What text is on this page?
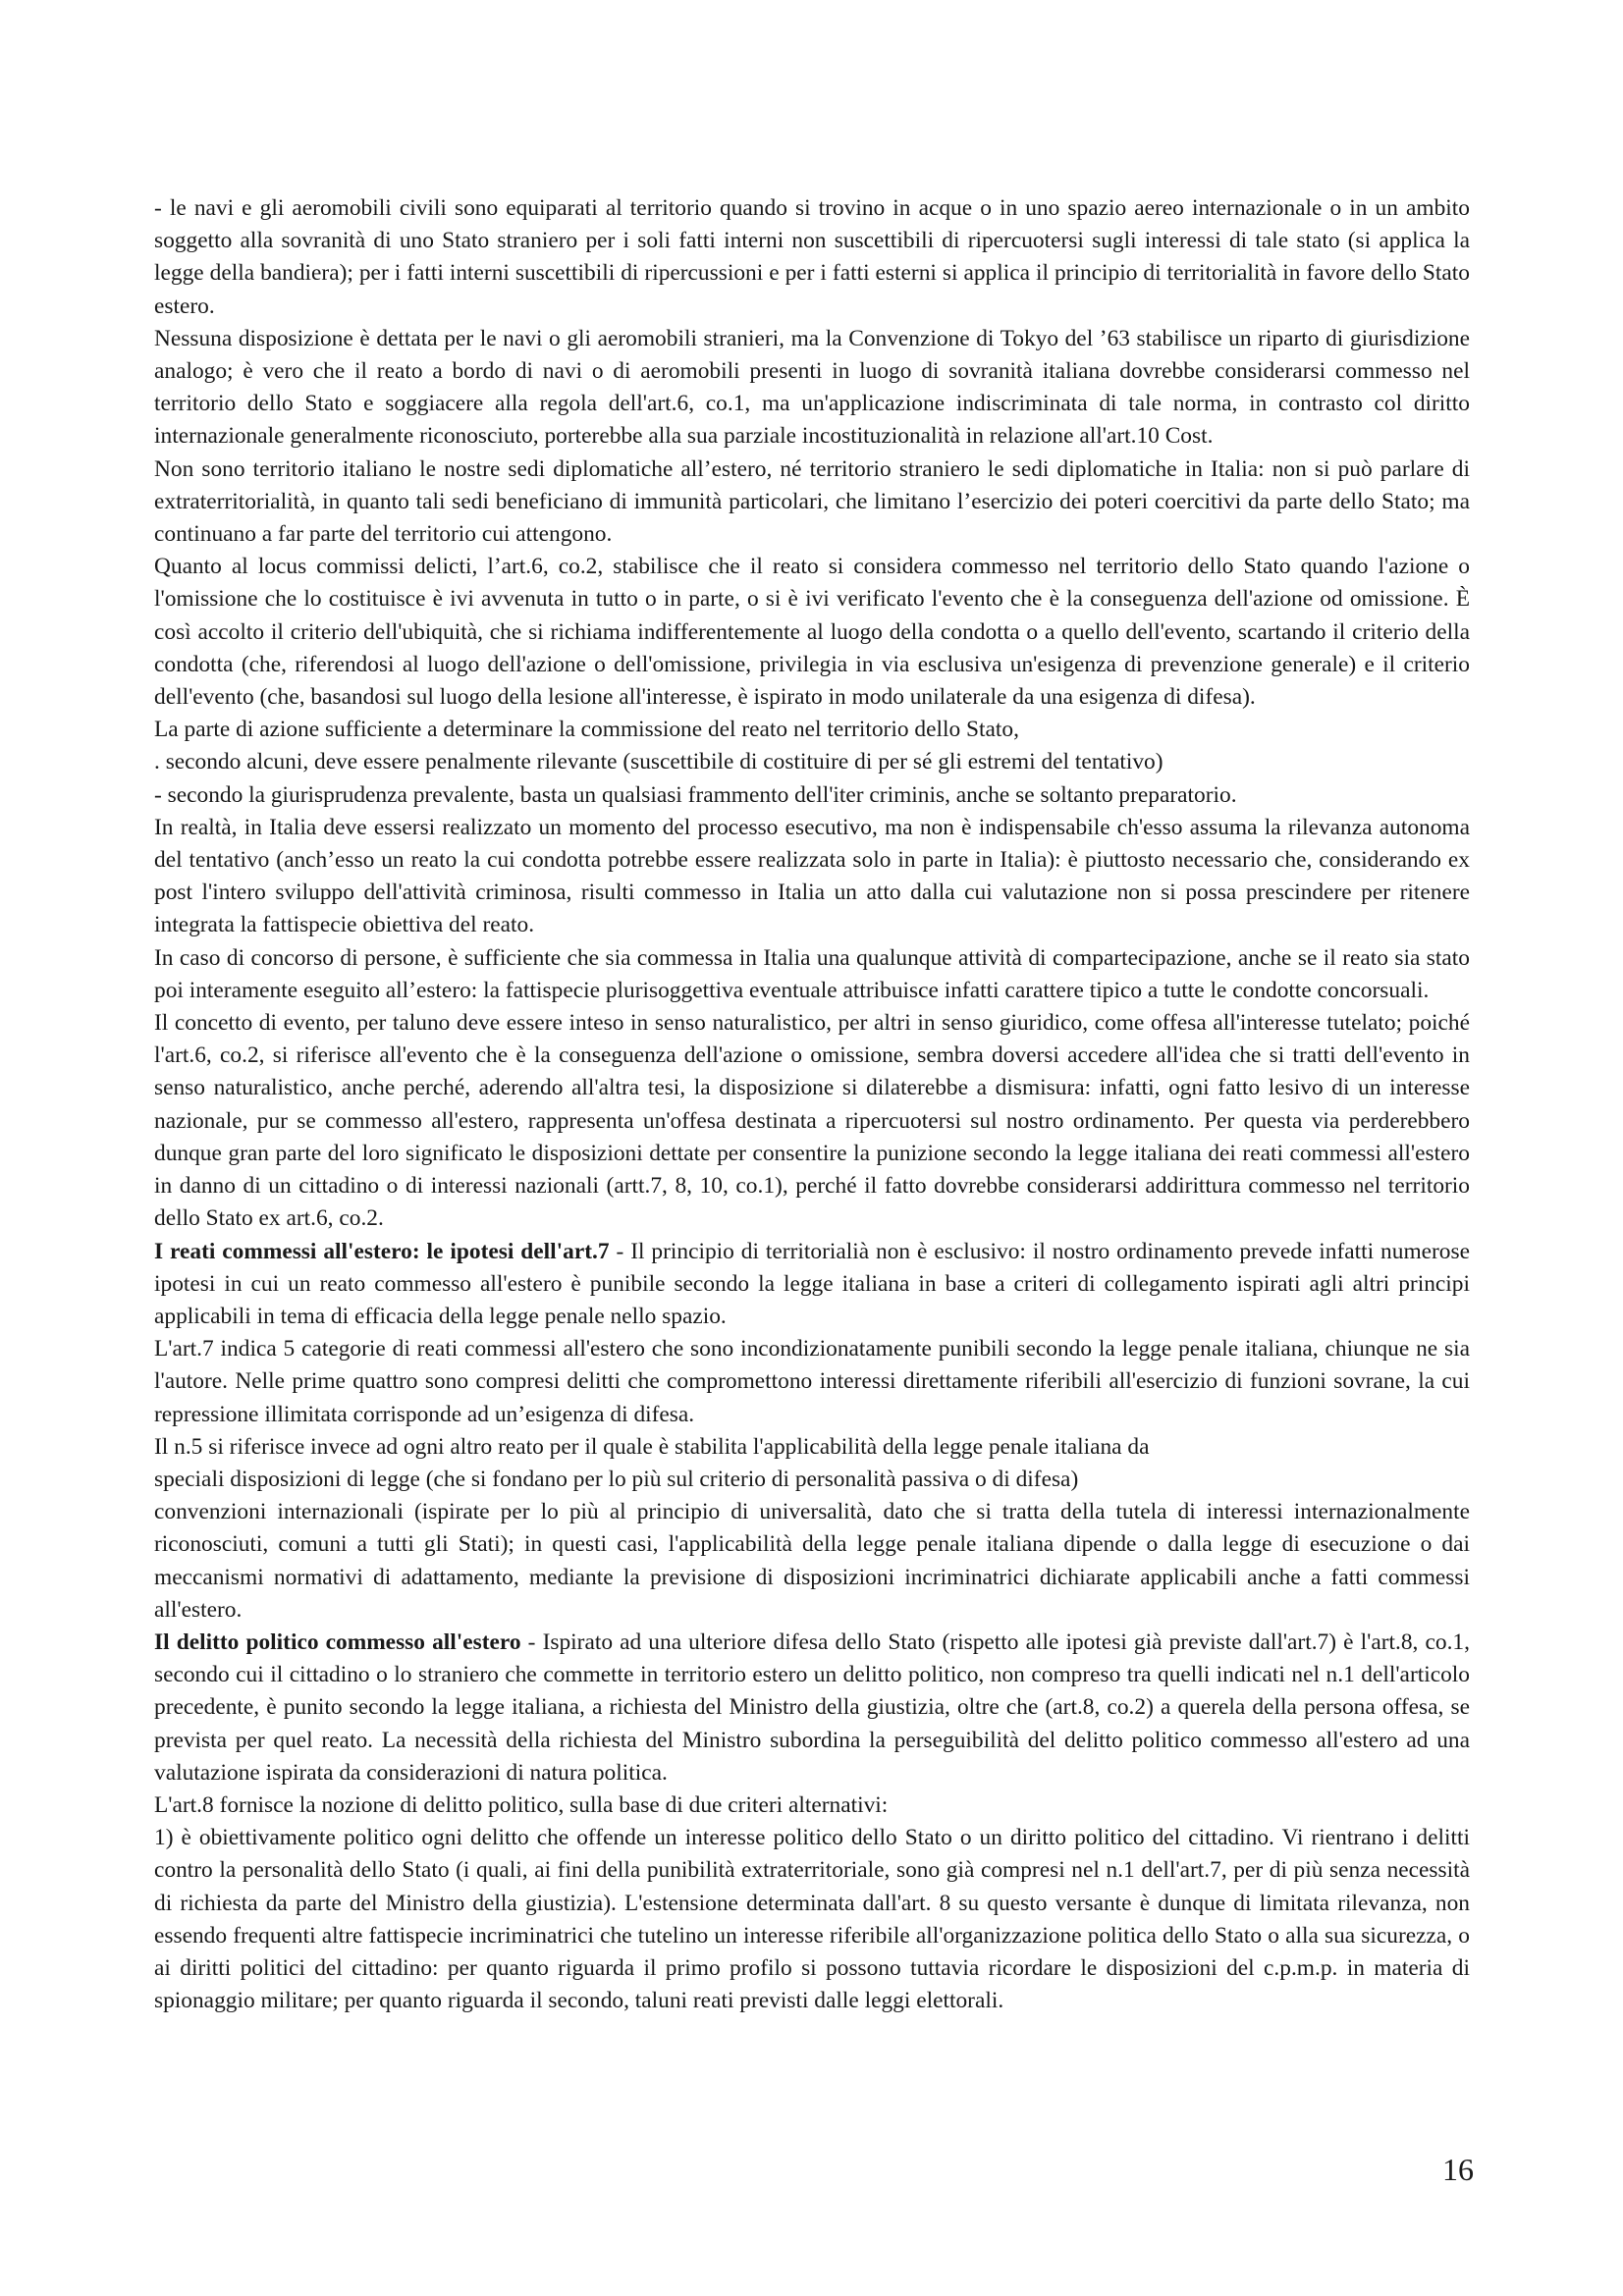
- le navi e gli aeromobili civili sono equiparati al territorio quando si trovino in acque o in uno spazio aereo internazionale o in un ambito soggetto alla sovranità di uno Stato straniero per i soli fatti interni non suscettibili di ripercuotersi sugli interessi di tale stato (si applica la legge della bandiera); per i fatti interni suscettibili di ripercussioni e per i fatti esterni si applica il principio di territorialità in favore dello Stato estero.

Nessuna disposizione è dettata per le navi o gli aeromobili stranieri, ma la Convenzione di Tokyo del ’63 stabilisce un riparto di giurisdizione analogo; è vero che il reato a bordo di navi o di aeromobili presenti in luogo di sovranità italiana dovrebbe considerarsi commesso nel territorio dello Stato e soggiacere alla regola dell'art.6, co.1, ma un'applicazione indiscriminata di tale norma, in contrasto col diritto internazionale generalmente riconosciuto, porterebbe alla sua parziale incostituzionalità in relazione all'art.10 Cost.

Non sono territorio italiano le nostre sedi diplomatiche all’estero, né territorio straniero le sedi diplomatiche in Italia: non si può parlare di extraterritorialità, in quanto tali sedi beneficiano di immunità particolari, che limitano l’esercizio dei poteri coercitivi da parte dello Stato; ma continuano a far parte del territorio cui attengono.

Quanto al locus commissi delicti, l’art.6, co.2, stabilisce che il reato si considera commesso nel territorio dello Stato quando l'azione o l'omissione che lo costituisce è ivi avvenuta in tutto o in parte, o si è ivi verificato l'evento che è la conseguenza dell'azione od omissione. È così accolto il criterio dell'ubiquità, che si richiama indifferentemente al luogo della condotta o a quello dell'evento, scartando il criterio della condotta (che, riferendosi al luogo dell'azione o dell'omissione, privilegia in via esclusiva un'esigenza di prevenzione generale) e il criterio dell'evento (che, basandosi sul luogo della lesione all'interesse, è ispirato in modo unilaterale da una esigenza di difesa).

La parte di azione sufficiente a determinare la commissione del reato nel territorio dello Stato,

. secondo alcuni, deve essere penalmente rilevante (suscettibile di costituire di per sé gli estremi del tentativo)

- secondo la giurisprudenza prevalente, basta un qualsiasi frammento dell'iter criminis, anche se soltanto preparatorio.

In realtà, in Italia deve essersi realizzato un momento del processo esecutivo, ma non è indispensabile ch'esso assuma la rilevanza autonoma del tentativo (anch’esso un reato la cui condotta potrebbe essere realizzata solo in parte in Italia): è piuttosto necessario che, considerando ex post l'intero sviluppo dell'attività criminosa, risulti commesso in Italia un atto dalla cui valutazione non si possa prescindere per ritenere integrata la fattispecie obiettiva del reato.

In caso di concorso di persone, è sufficiente che sia commessa in Italia una qualunque attività di compartecipazione, anche se il reato sia stato poi interamente eseguito all’estero: la fattispecie plurisoggettiva eventuale attribuisce infatti carattere tipico a tutte le condotte concorsuali.

Il concetto di evento, per taluno deve essere inteso in senso naturalistico, per altri in senso giuridico, come offesa all'interesse tutelato; poiché l'art.6, co.2, si riferisce all'evento che è la conseguenza dell'azione o omissione, sembra doversi accedere all'idea che si tratti dell'evento in senso naturalistico, anche perché, aderendo all'altra tesi, la disposizione si dilaterebbe a dismisura: infatti, ogni fatto lesivo di un interesse nazionale, pur se commesso all'estero, rappresenta un'offesa destinata a ripercuotersi sul nostro ordinamento. Per questa via perderebbero dunque gran parte del loro significato le disposizioni dettate per consentire la punizione secondo la legge italiana dei reati commessi all'estero in danno di un cittadino o di interessi nazionali (artt.7, 8, 10, co.1), perché il fatto dovrebbe considerarsi addirittura commesso nel territorio dello Stato ex art.6, co.2.

I reati commessi all'estero: le ipotesi dell'art.7 - Il principio di territorialià non è esclusivo: il nostro ordinamento prevede infatti numerose ipotesi in cui un reato commesso all'estero è punibile secondo la legge italiana in base a criteri di collegamento ispirati agli altri principi applicabili in tema di efficacia della legge penale nello spazio.

L'art.7 indica 5 categorie di reati commessi all'estero che sono incondizionatamente punibili secondo la legge penale italiana, chiunque ne sia l'autore. Nelle prime quattro sono compresi delitti che compromettono interessi direttamente riferibili all'esercizio di funzioni sovrane, la cui repressione illimitata corrisponde ad un’esigenza di difesa.

Il n.5 si riferisce invece ad ogni altro reato per il quale è stabilita l'applicabilità della legge penale italiana da

speciali disposizioni di legge (che si fondano per lo più sul criterio di personalità passiva o di difesa)

convenzioni internazionali (ispirate per lo più al principio di universalità, dato che si tratta della tutela di interessi internazionalmente riconosciuti, comuni a tutti gli Stati); in questi casi, l'applicabilità della legge penale italiana dipende o dalla legge di esecuzione o dai meccanismi normativi di adattamento, mediante la previsione di disposizioni incriminatrici dichiarate applicabili anche a fatti commessi all'estero.

Il delitto politico commesso all'estero - Ispirato ad una ulteriore difesa dello Stato (rispetto alle ipotesi già previste dall'art.7) è l'art.8, co.1, secondo cui il cittadino o lo straniero che commette in territorio estero un delitto politico, non compreso tra quelli indicati nel n.1 dell'articolo precedente, è punito secondo la legge italiana, a richiesta del Ministro della giustizia, oltre che (art.8, co.2) a querela della persona offesa, se prevista per quel reato. La necessità della richiesta del Ministro subordina la perseguibilità del delitto politico commesso all'estero ad una valutazione ispirata da considerazioni di natura politica.

L'art.8 fornisce la nozione di delitto politico, sulla base di due criteri alternativi:

1) è obiettivamente politico ogni delitto che offende un interesse politico dello Stato o un diritto politico del cittadino. Vi rientrano i delitti contro la personalità dello Stato (i quali, ai fini della punibilità extraterritoriale, sono già compresi nel n.1 dell'art.7, per di più senza necessità di richiesta da parte del Ministro della giustizia). L'estensione determinata dall'art. 8 su questo versante è dunque di limitata rilevanza, non essendo frequenti altre fattispecie incriminatrici che tutelino un interesse riferibile all'organizzazione politica dello Stato o alla sua sicurezza, o ai diritti politici del cittadino: per quanto riguarda il primo profilo si possono tuttavia ricordare le disposizioni del c.p.m.p. in materia di spionaggio militare; per quanto riguarda il secondo, taluni reati previsti dalle leggi elettorali.

16
